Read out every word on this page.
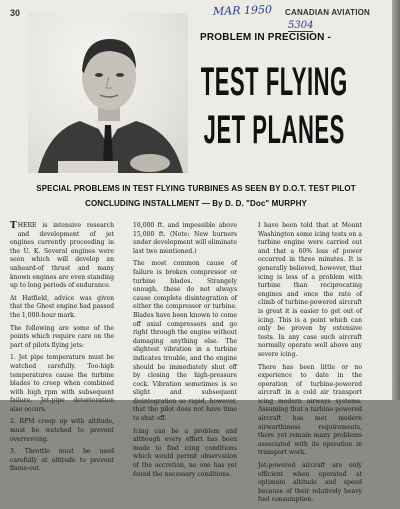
30	MAR 1950 CANADIAN AVIATION
5304
PROBLEM IN PRECISION -
TEST FLYING
JET PLANES
SPECIAL PROBLEMS IN TEST FLYING TURBINES AS SEEN BY D.O.T. TEST PILOT
CONCLUDING INSTALLMENT — By D. D. "Doc" MURPHY

T HERE is intensive research and development of jet engines currently proceeding in the U. K. Several engines were seen which will develop an unheard-of thrust and many known engines are even standing up to long periods of endurance.

At Hatfield, advice was given that the Ghost engine had passed the 1,000-hour mark.

The following are some of the points which require care on the part of pilots flying jets:

1. Jet pipe temperature must be watched carefully. Too-high temperatures cause the turbine blades to creep when combined with high rpm with subsequent failure. Jet-pipe deterioration also occurs.

2. RPM creep up with altitude, must be watched to prevent overrevving.

3. Throttle must be used carefully at altitude to prevent flame-out.

10,000 ft. and impossible above 15,000 ft. (Note: New burners under development will eliminate last two mentioned.)

The most common cause of failure is broken compressor or turbine blades. Strangely enough, these do not always cause complete disintegration of either the compressor or turbine. Blades have been known to come off axial compressors and go right through the engine without damaging anything else. The slightest vibration in a turbine indicates trouble, and the engine should be immediately shut off by closing the high-pressure cock. Vibration sometimes is so slight and subsequent disintegration so rapid, however, that the pilot does not have time to shut off.

Icing can be a problem and although every effort has been made to find icing conditions which would permit observation of the accretion, no one has yet found the necessary conditions.

I have been told that at Mount Washington some icing tests on a turbine engine were carried out and that a 60% loss of power occurred in three minutes. It is generally believed, however, that icing is less of a problem with turbine than reciprocating engines and once the rate of climb of turbine-powered aircraft is great it is easier to get out of icing. This is a point which can only be proven by extensive tests. In any case such aircraft normally operate well above any severe icing.

There has been little or no experience to date in the operation of turbine-powered aircraft in a cold air transport icing modern airways systems. Assuming that a turbine-powered aircraft has met modern airworthiness requirements, there yet remain many problems associated with its operation in transport work.

Jet-powered aircraft are only efficient when operated at optimum altitude and speed because of their relatively heavy fuel consumption.
